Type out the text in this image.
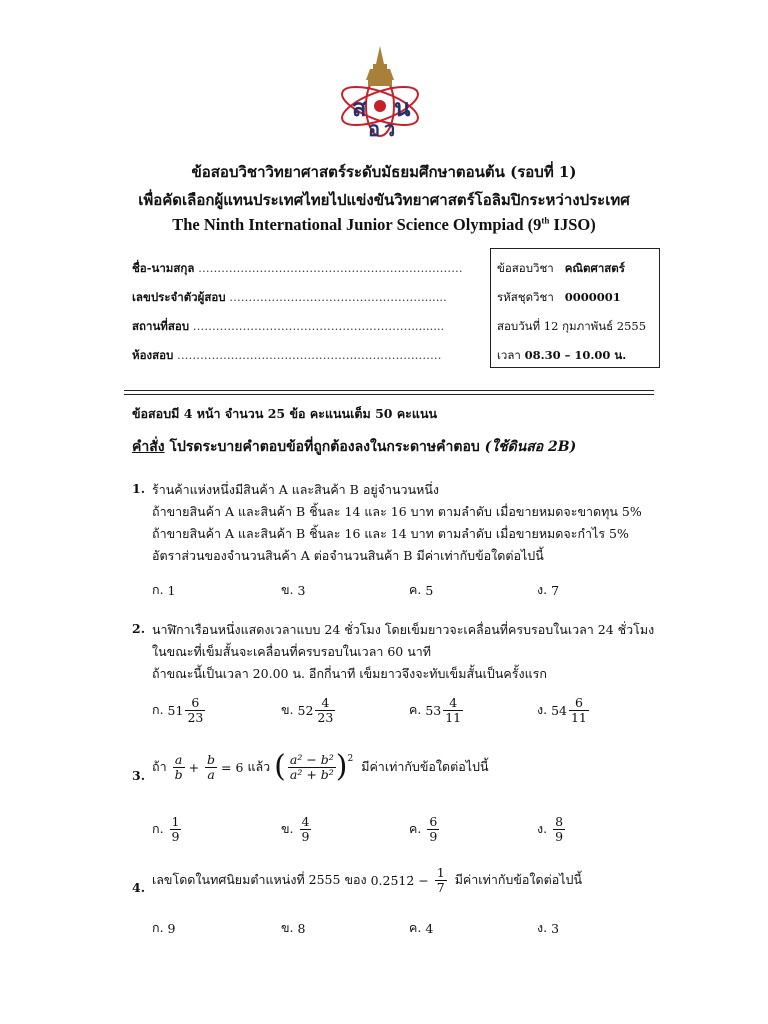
ส น
อ ว
ข้อสอบวิชาวิทยาศาสตร์ระดับมัธยมศึกษาตอนต้น (รอบที่ 1)
เพื่อคัดเลือกผู้แทนประเทศไทยไปแข่งขันวิทยาศาสตร์โอลิมปิกระหว่างประเทศ
The Ninth International Junior Science Olympiad (9th IJSO)
ชื่อ-นามสกุล ……………………………………………………………
เลขประจำตัวผู้สอบ ……………………………………………......
สถานที่สอบ ………………………………………………….........
ห้องสอบ ……………………………………………………………
ข้อสอบวิชา คณิตศาสตร์
รหัสชุดวิชา 0000001
สอบวันที่ 12 กุมภาพันธ์ 2555
เวลา 08.30 – 10.00 น.
ข้อสอบมี 4 หน้า จำนวน 25 ข้อ คะแนนเต็ม 50 คะแนน
คำสั่ง โปรดระบายคำตอบข้อที่ถูกต้องลงในกระดาษคำตอบ (ใช้ดินสอ 2B)
1. ร้านค้าแห่งหนึ่งมีสินค้า A และสินค้า B อยู่จำนวนหนึ่ง
ถ้าขายสินค้า A และสินค้า B ชิ้นละ 14 และ 16 บาท ตามลำดับ เมื่อขายหมดจะขาดทุน 5%
ถ้าขายสินค้า A และสินค้า B ชิ้นละ 16 และ 14 บาท ตามลำดับ เมื่อขายหมดจะกำไร 5%
อัตราส่วนของจำนวนสินค้า A ต่อจำนวนสินค้า B มีค่าเท่ากับข้อใดต่อไปนี้
ก.
1	ข.
3	ค.
5	ง.
7
2. นาฬิกาเรือนหนึ่งแสดงเวลาแบบ 24 ชั่วโมง โดยเข็มยาวจะเคลื่อนที่ครบรอบในเวลา 24 ชั่วโมง
ในขณะที่เข็มสั้นจะเคลื่อนที่ครบรอบในเวลา 60 นาที
ถ้าขณะนี้เป็นเวลา 20.00 น. อีกกี่นาที เข็มยาวจึงจะทับเข็มสั้นเป็นครั้งแรก
ก.
$51 \frac{6}{23}$	ข.
$52 \frac{4}{23}$	ค.
$53 \frac{4}{11}$	ง.
$54 \frac{6}{11}$
3.
ถ้า
$\frac{a}{b}$
+
$\frac{b}{a}$
= 6
แล้ว
( $\frac{\text{a² − b²}}{\text{a² + b²}} )^2$
มีค่าเท่ากับข้อใดต่อไปนี้
ก.
$\frac{1}{9}$	ข.
$\frac{4}{9}$	ค.
$\frac{6}{9}$	ง.
$\frac{8}{9}$
4.
เลขโดดในทศนิยมตำแหน่งที่ 2555 ของ
0.25̇12̇
−
$\frac{1}{7}$
มีค่าเท่ากับข้อใดต่อไปนี้
ก.
9	ข.
8	ค.
4	ง.
3
